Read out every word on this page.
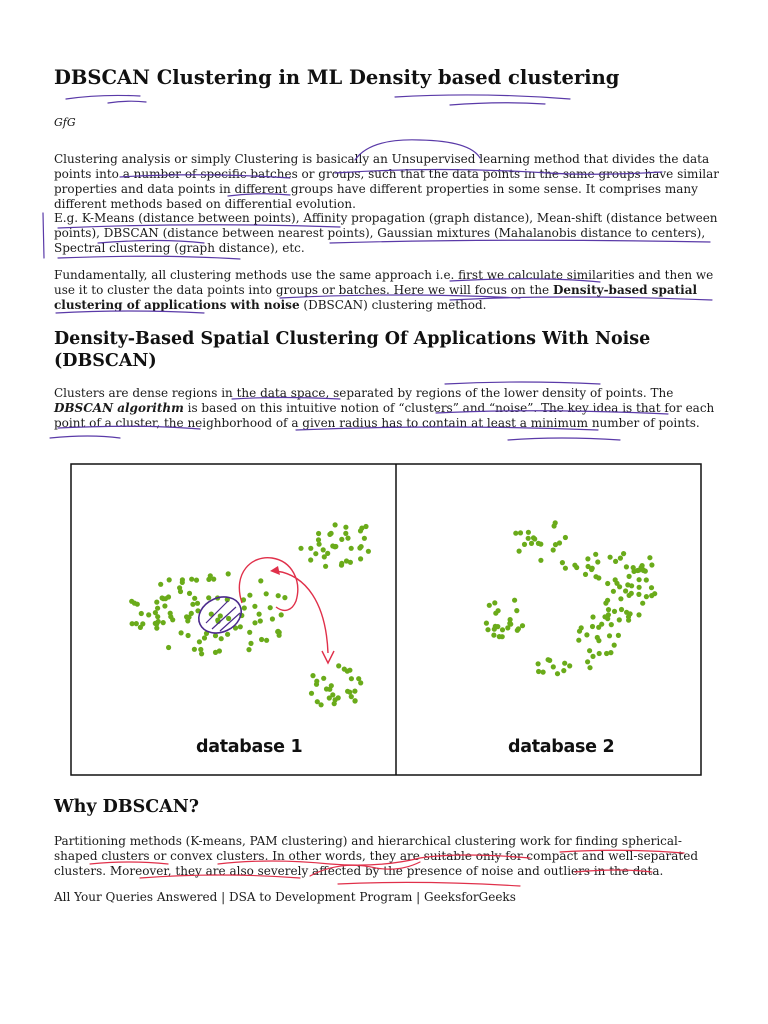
DBSCAN Clustering in ML Density based clustering
GfG
Clustering analysis or simply Clustering is basically an Unsupervised learning method that divides the data points into a number of specific batches or groups, such that the data points in the same groups have similar properties and data points in different groups have different properties in some sense. It comprises many different methods based on differential evolution.
E.g. K-Means (distance between points), Affinity propagation (graph distance), Mean-shift (distance between points), DBSCAN (distance between nearest points), Gaussian mixtures (Mahalanobis distance to centers), Spectral clustering (graph distance), etc.
Fundamentally, all clustering methods use the same approach i.e. first we calculate similarities and then we use it to cluster the data points into groups or batches. Here we will focus on the Density-based spatial clustering of applications with noise (DBSCAN) clustering method.
Density-Based Spatial Clustering Of Applications With Noise (DBSCAN)
Clusters are dense regions in the data space, separated by regions of the lower density of points. The DBSCAN algorithm is based on this intuitive notion of “clusters” and “noise”. The key idea is that for each point of a cluster, the neighborhood of a given radius has to contain at least a minimum number of points.
database 1	database 2
Why DBSCAN?
Partitioning methods (K-means, PAM clustering) and hierarchical clustering work for finding spherical-shaped clusters or convex clusters. In other words, they are suitable only for compact and well-separated clusters. Moreover, they are also severely affected by the presence of noise and outliers in the data.
All Your Queries Answered | DSA to Development Program | GeeksforGeeks
